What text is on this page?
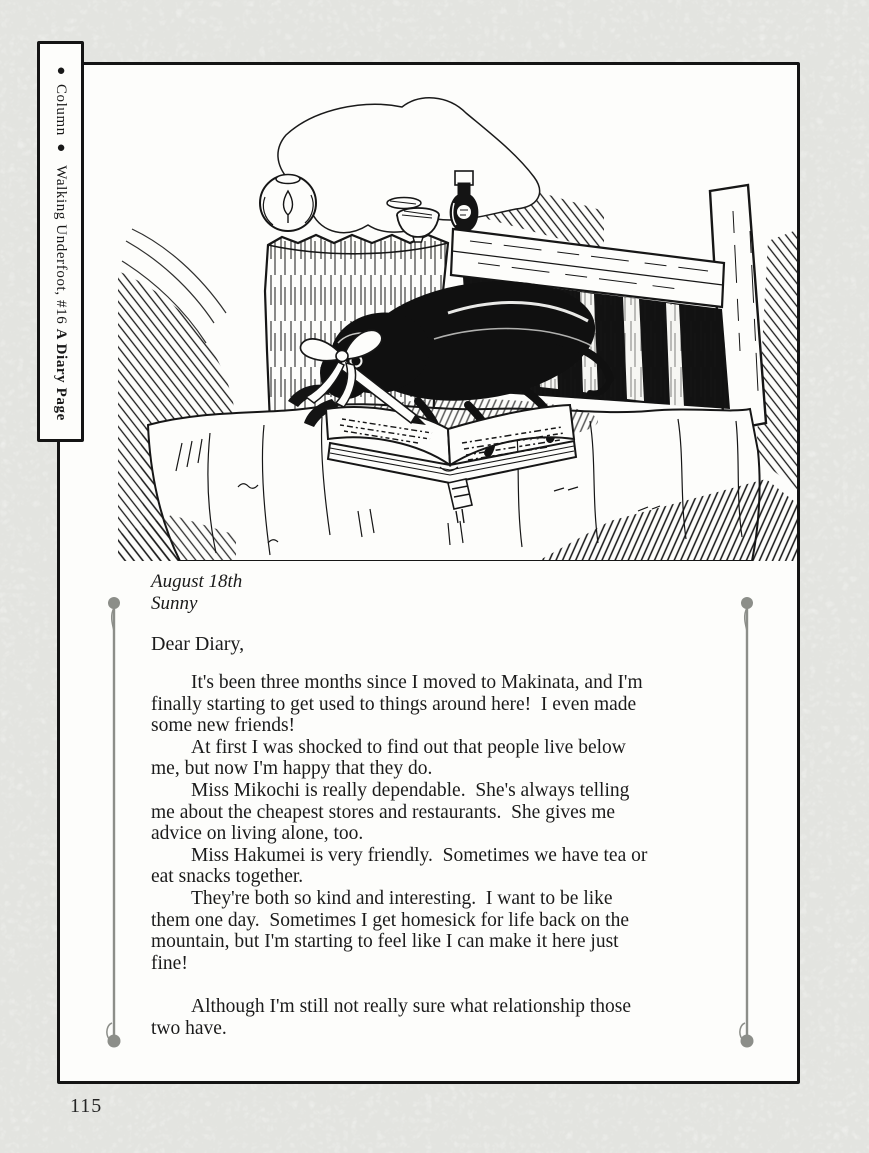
August 18th
Sunny
Dear Diary,
It's been three months since I moved to Makinata, and I'm
finally starting to get used to things around here!  I even made
some new friends!
At first I was shocked to find out that people live below
me, but now I'm happy that they do.
Miss Mikochi is really dependable.  She's always telling
me about the cheapest stores and restaurants.  She gives me
advice on living alone, too.
Miss Hakumei is very friendly.  Sometimes we have tea or
eat snacks together.
They're both so kind and interesting.  I want to be like
them one day.  Sometimes I get homesick for life back on the
mountain, but I'm starting to feel like I can make it here just
fine!
Although I'm still not really sure what relationship those
two have.
● Column ●  Walking Underfoot, #16 A Diary Page
115
